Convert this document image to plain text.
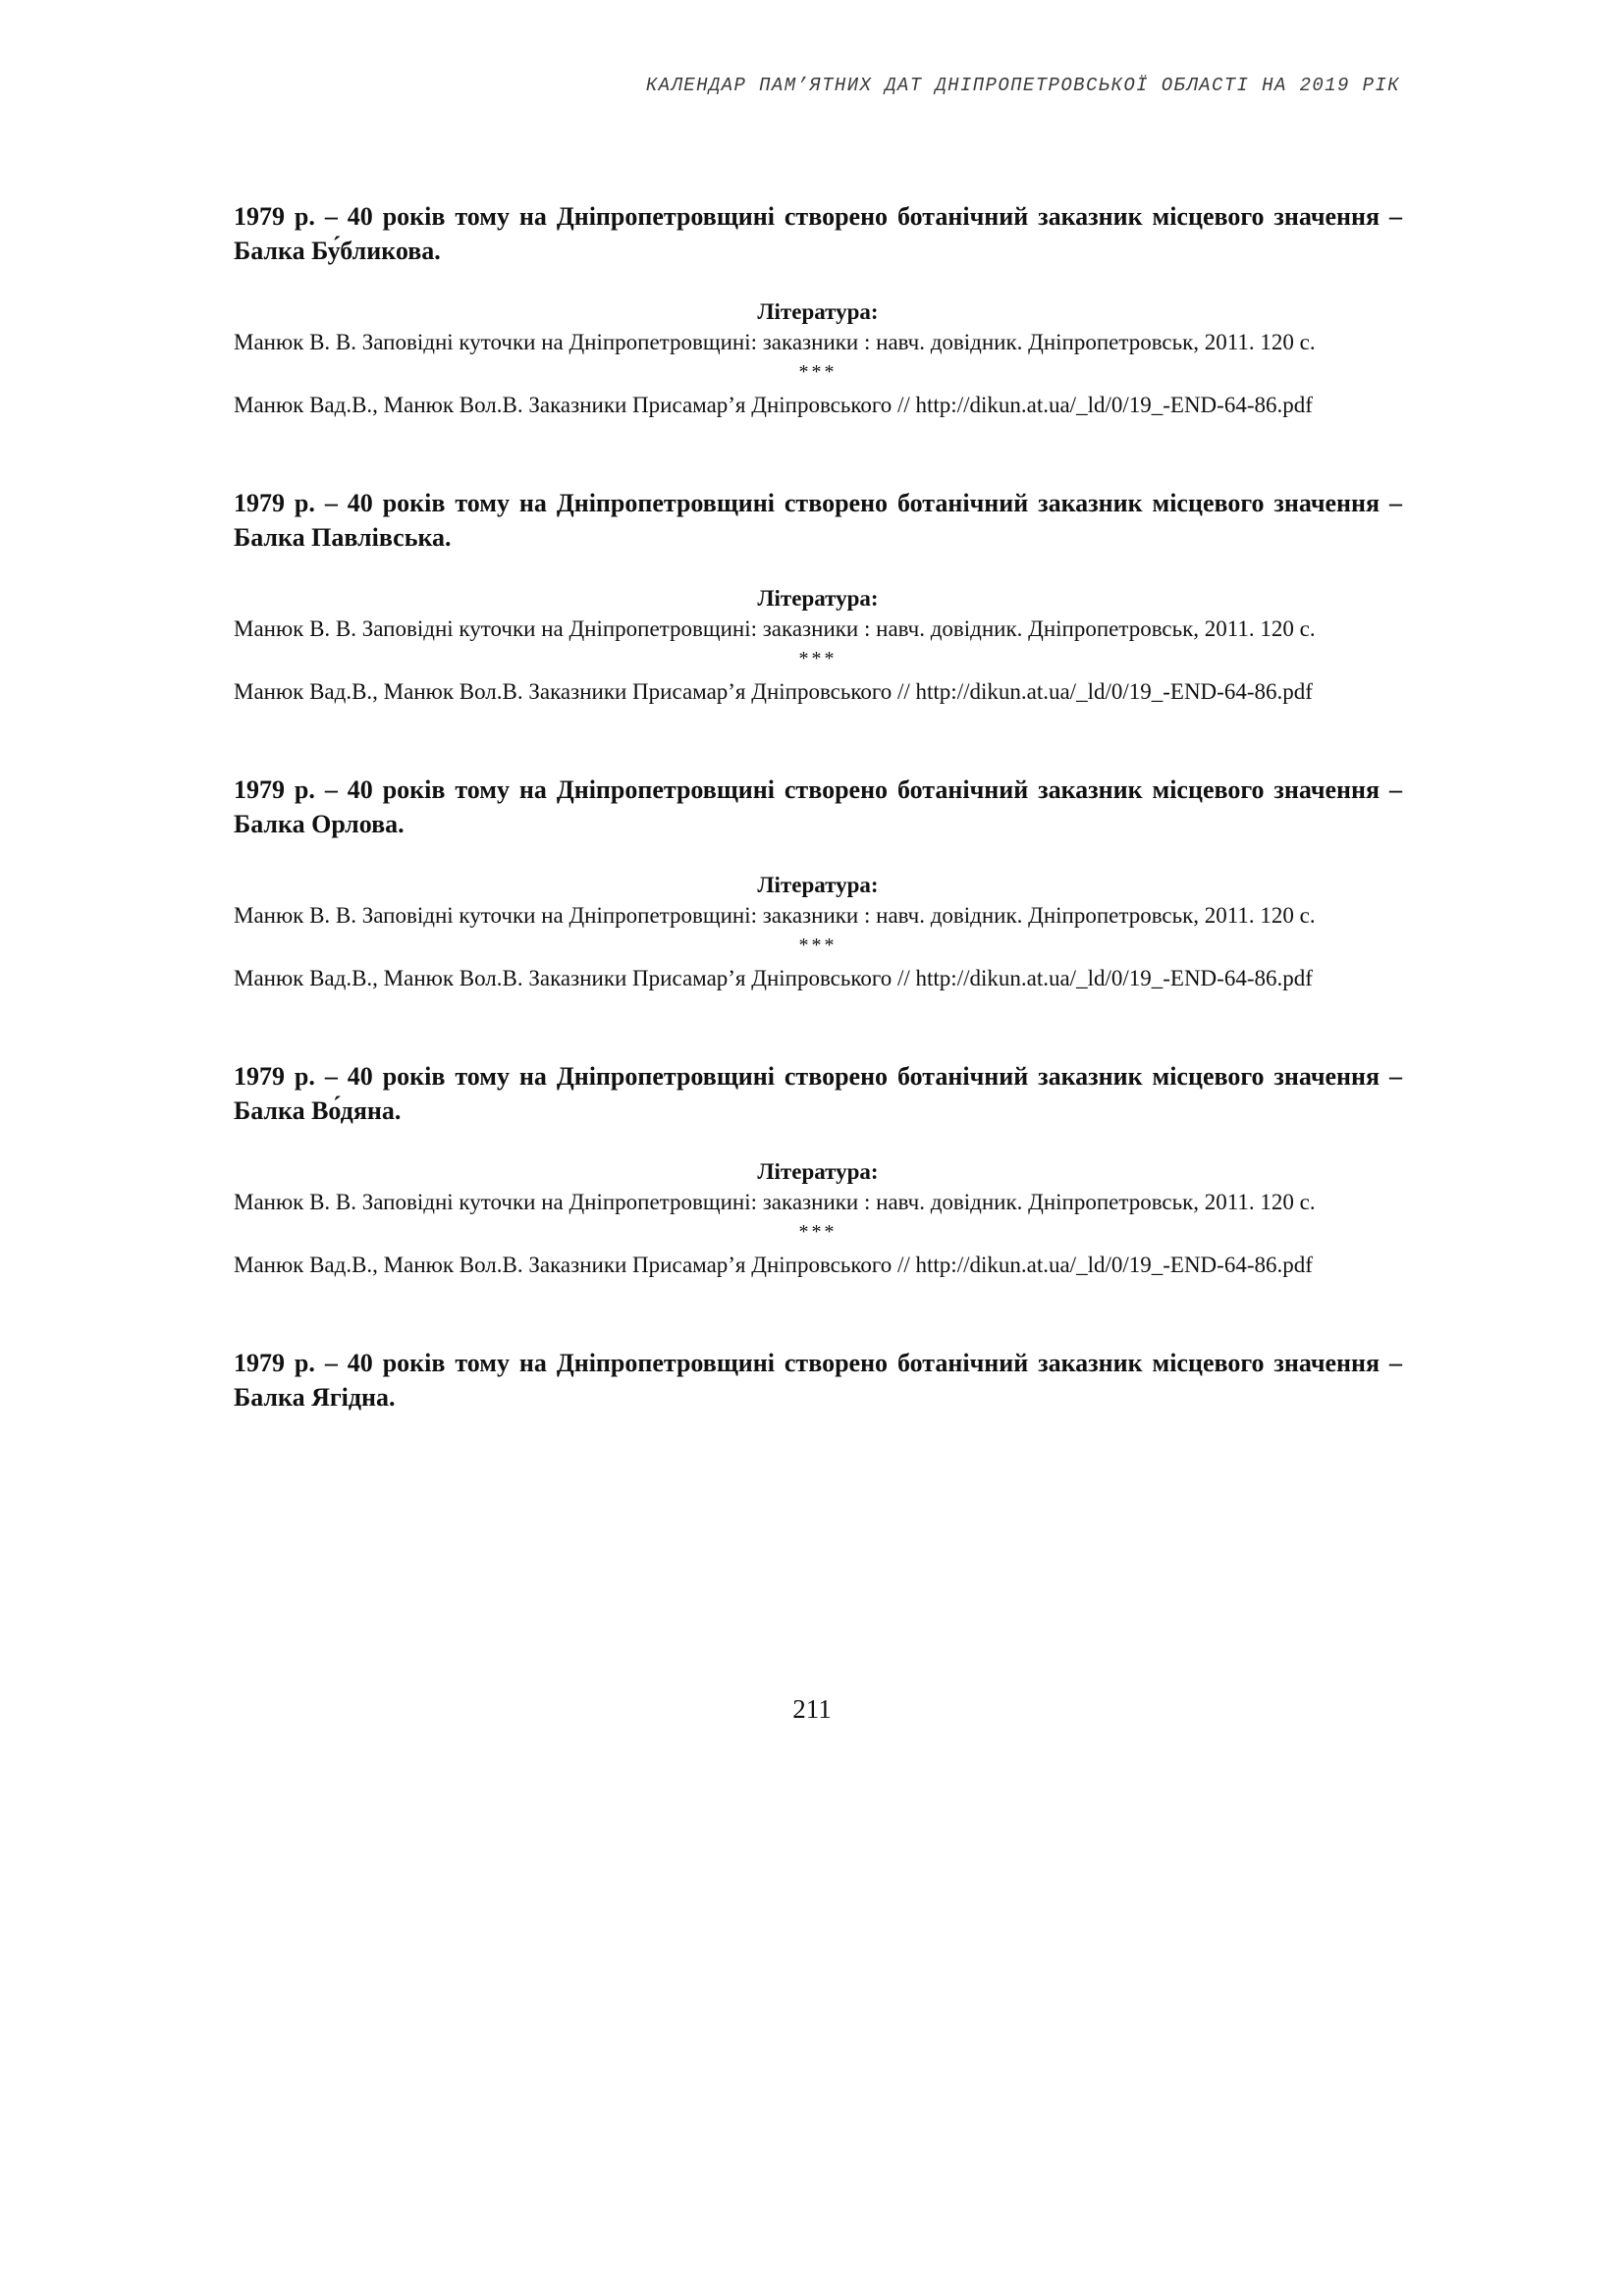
КАЛЕНДАР ПАМ’ЯТНИХ ДАТ ДНІПРОПЕТРОВСЬКОЇ ОБЛАСТІ НА 2019 РІК

1979 р. – 40 років тому на Дніпропетровщині створено ботанічний заказник місцевого значення – Балка Бу́бликова.

Література:

Манюк В. В. Заповідні куточки на Дніпропетровщині: заказники : навч. довідник. Дніпропетровськ, 2011. 120 с.

***

Манюк Вад.В., Манюк Вол.В. Заказники Присамар’я Дніпровського // http://dikun.at.ua/_ld/0/19_-END-64-86.pdf

1979 р. – 40 років тому на Дніпропетровщині створено ботанічний заказник місцевого значення – Балка Павлівська.

Література:

Манюк В. В. Заповідні куточки на Дніпропетровщині: заказники : навч. довідник. Дніпропетровськ, 2011. 120 с.

***

Манюк Вад.В., Манюк Вол.В. Заказники Присамар’я Дніпровського // http://dikun.at.ua/_ld/0/19_-END-64-86.pdf

1979 р. – 40 років тому на Дніпропетровщині створено ботанічний заказник місцевого значення – Балка Орлова.

Література:

Манюк В. В. Заповідні куточки на Дніпропетровщині: заказники : навч. довідник. Дніпропетровськ, 2011. 120 с.

***

Манюк Вад.В., Манюк Вол.В. Заказники Присамар’я Дніпровського // http://dikun.at.ua/_ld/0/19_-END-64-86.pdf

1979 р. – 40 років тому на Дніпропетровщині створено ботанічний заказник місцевого значення – Балка Во́дяна.

Література:

Манюк В. В. Заповідні куточки на Дніпропетровщині: заказники : навч. довідник. Дніпропетровськ, 2011. 120 с.

***

Манюк Вад.В., Манюк Вол.В. Заказники Присамар’я Дніпровського // http://dikun.at.ua/_ld/0/19_-END-64-86.pdf

1979 р. – 40 років тому на Дніпропетровщині створено ботанічний заказник місцевого значення – Балка Ягідна.

211
